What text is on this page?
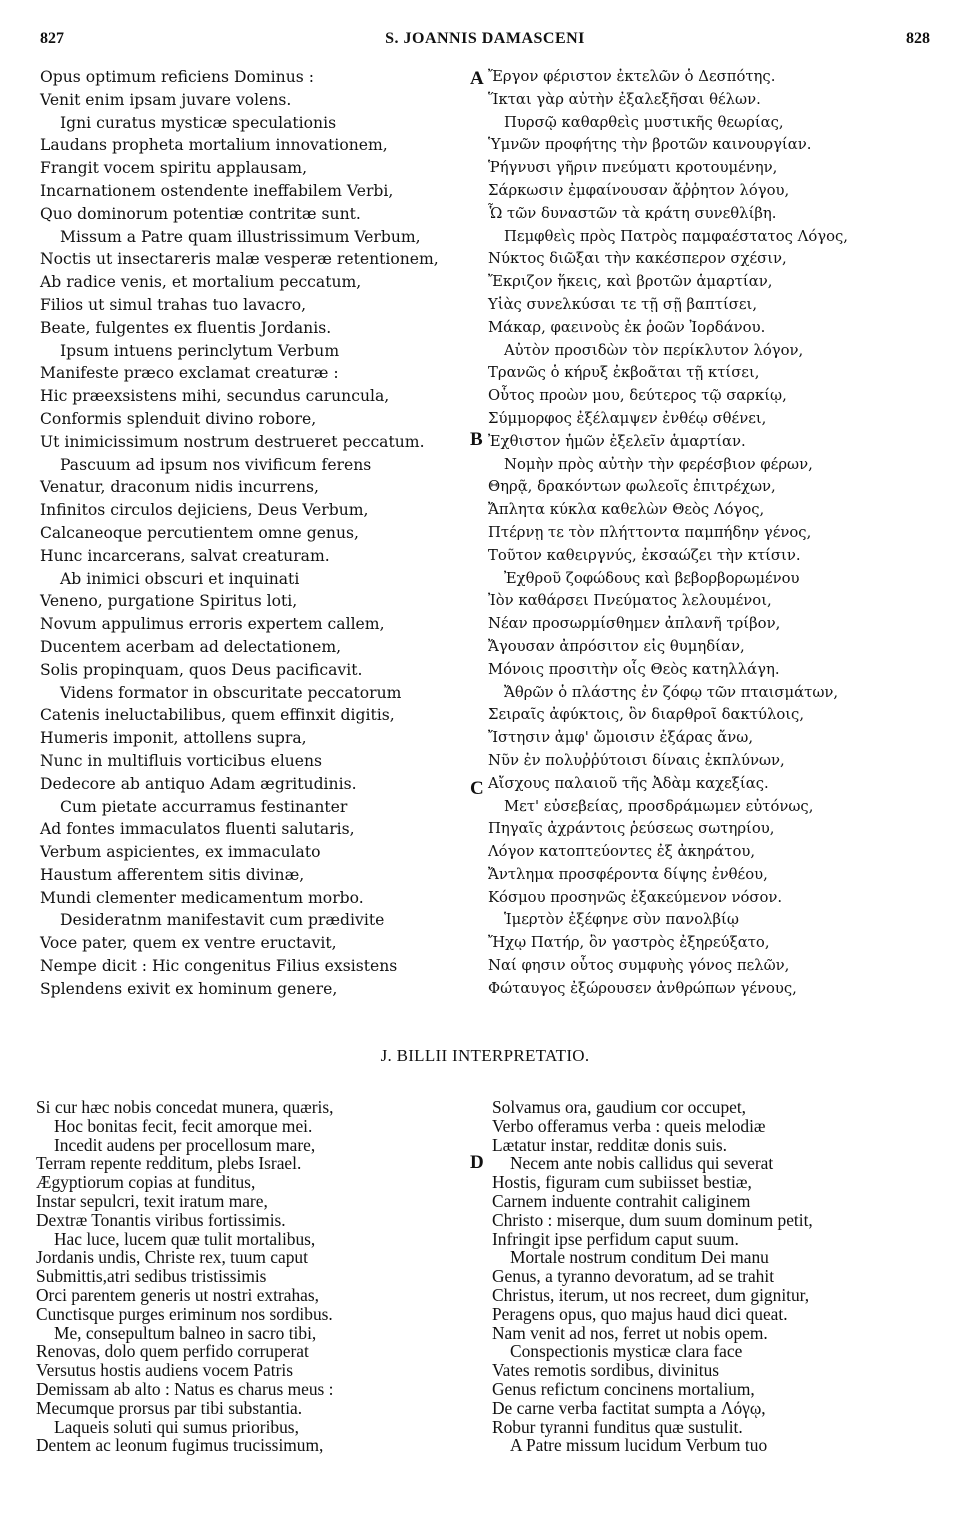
827	S. JOANNIS DAMASCENI	828
Opus optimum reficiens Dominus :
Venit enim ipsam juvare volens.
Igni curatus mysticæ speculationis
Laudans propheta mortalium innovationem,
Frangit vocem spiritu applausam,
Incarnationem ostendente ineffabilem Verbi,
Quo dominorum potentiæ contritæ sunt.
Missum a Patre quam illustrissimum Verbum,
Noctis ut insectareris malæ vesperæ retentionem,
Ab radice venis, et mortalium peccatum,
Filios ut simul trahas tuo lavacro,
Beate, fulgentes ex fluentis Jordanis.
Ipsum intuens perinclytum Verbum
Manifeste præco exclamat creaturæ :
Hic præexsistens mihi, secundus caruncula,
Conformis splenduit divino robore,
Ut inimicissimum nostrum destrueret peccatum.
Pascuum ad ipsum nos vivificum ferens
Venatur, draconum nidis incurrens,
Infinitos circulos dejiciens, Deus Verbum,
Calcaneoque percutientem omne genus,
Hunc incarcerans, salvat creaturam.
Ab inimici obscuri et inquinati
Veneno, purgatione Spiritus loti,
Novum appulimus erroris expertem callem,
Ducentem acerbam ad delectationem,
Solis propinquam, quos Deus pacificavit.
Videns formator in obscuritate peccatorum
Catenis ineluctabilibus, quem effinxit digitis,
Humeris imponit, attollens supra,
Nunc in multifluis vorticibus eluens
Dedecore ab antiquo Adam ægritudinis.
Cum pietate accurramus festinanter
Ad fontes immaculatos fluenti salutaris,
Verbum aspicientes, ex immaculato
Haustum afferentem sitis divinæ,
Mundi clementer medicamentum morbo.
Desideratnm manifestavit cum prædivite
Voce pater, quem ex ventre eructavit,
Nempe dicit : Hic congenitus Filius exsistens
Splendens exivit ex hominum genere,
Ἔργον φέριστον ἐκτελῶν ὁ Δεσπότης.
Ἵκται γὰρ αὐτὴν ἐξαλεξῆσαι θέλων.
Πυρσῷ καθαρθεὶς μυστικῆς θεωρίας,
Ὑμνῶν προφήτης τὴν βροτῶν καινουργίαν.
Ῥήγνυσι γῆριν πνεύματι κροτουμένην,
Σάρκωσιν ἐμφαίνουσαν ἄῤῥητον λόγου,
Ὧ τῶν δυναστῶν τὰ κράτη συνεθλίβη.
Πεμφθεὶς πρὸς Πατρὸς παμφαέστατος Λόγος,
Νύκτος διῶξαι τὴν κακέσπερον σχέσιν,
Ἔκριζον ἥκεις, καὶ βροτῶν ἁμαρτίαν,
Υἱὰς συνελκύσαι τε τῇ σῇ βαπτίσει,
Μάκαρ, φαεινοὺς ἐκ ῥοῶν Ἰορδάνου.
Αὐτὸν προσιδὼν τὸν περίκλυτον λόγον,
Τρανῶς ὁ κήρυξ ἐκβοᾶται τῇ κτίσει,
Οὗτος προὼν μου, δεύτερος τῷ σαρκίῳ,
Σύμμορφος ἐξέλαμψεν ἐνθέῳ σθένει,
Ἐχθιστον ἡμῶν ἐξελεῖν ἁμαρτίαν.
Νομὴν πρὸς αὐτὴν τὴν φερέσβιον φέρων,
Θηρᾷ, δρακόντων φωλεοῖς ἐπιτρέχων,
Ἄπλητα κύκλα καθελὼν Θεὸς Λόγος,
Πτέρνῃ τε τὸν πλήττοντα παμπήδην γένος,
Τοῦτον καθειργνύς, ἐκσαώζει τὴν κτίσιν.
Ἐχθροῦ ζοφώδους καὶ βεβορβορωμένου
Ἰὸν καθάρσει Πνεύματος λελουμένοι,
Νέαν προσωρμίσθημεν ἀπλανῆ τρίβον,
Ἄγουσαν ἀπρόσιτον εἰς θυμηδίαν,
Μόνοις προσιτὴν οἷς Θεὸς κατηλλάγη.
Ἄθρῶν ὁ πλάστης ἐν ζόφῳ τῶν πταισμάτων,
Σειραῖς ἀφύκτοις, ὃν διαρθροῖ δακτύλοις,
Ἴστησιν ἀμφ' ὤμοισιν ἐξάρας ἄνω,
Νῦν ἐν πολυῤῥύτοισι δίναις ἐκπλύνων,
Αἴσχους παλαιοῦ τῆς Ἀδὰμ καχεξίας.
Μετ' εὐσεβείας, προσδράμωμεν εὐτόνως,
Πηγαῖς ἀχράντοις ῥεύσεως σωτηρίου,
Λόγον κατοπτεύοντες ἐξ ἀκηράτου,
Ἄντλημα προσφέροντα δίψης ἐνθέου,
Κόσμου προσηνῶς ἐξακεύμενον νόσον.
Ἱμερτὸν ἐξέφηνε σὺν πανολβίῳ
Ἤχῳ Πατήρ, ὃν γαστρὸς ἐξηρεύξατο,
Ναί φησιν οὗτος συμφυὴς γόνος πελῶν,
Φώταυγος ἐξώρουσεν ἀνθρώπων γένους,
A
B
C
D
J. BILLII INTERPRETATIO.
Si cur hæc nobis concedat munera, quæris,
Hoc bonitas fecit, fecit amorque mei.
Incedit audens per procellosum mare,
Terram repente redditum, plebs Israel.
Ægyptiorum copias at funditus,
Instar sepulcri, texit iratum mare,
Dextræ Tonantis viribus fortissimis.
Hac luce, lucem quæ tulit mortalibus,
Jordanis undis, Christe rex, tuum caput
Submittis,atri sedibus tristissimis
Orci parentem generis ut nostri extrahas,
Cunctisque purges eriminum nos sordibus.
Me, consepultum balneo in sacro tibi,
Renovas, dolo quem perfido corruperat
Versutus hostis audiens vocem Patris
Demissam ab alto : Natus es charus meus :
Mecumque prorsus par tibi substantia.
Laqueis soluti qui sumus prioribus,
Dentem ac leonum fugimus trucissimum,
Solvamus ora, gaudium cor occupet,
Verbo offeramus verba : queis melodiæ
Lætatur instar, redditæ donis suis.
Necem ante nobis callidus qui severat
Hostis, figuram cum subiisset bestiæ,
Carnem induente contrahit caliginem
Christo : miserque, dum suum dominum petit,
Infringit ipse perfidum caput suum.
Mortale nostrum conditum Dei manu
Genus, a tyranno devoratum, ad se trahit
Christus, iterum, ut nos recreet, dum gignitur,
Peragens opus, quo majus haud dici queat.
Nam venit ad nos, ferret ut nobis opem.
Conspectionis mysticæ clara face
Vates remotis sordibus, divinitus
Genus refictum concinens mortalium,
De carne verba factitat sumpta a Λόγῳ,
Robur tyranni funditus quæ sustulit.
A Patre missum lucidum Verbum tuo
